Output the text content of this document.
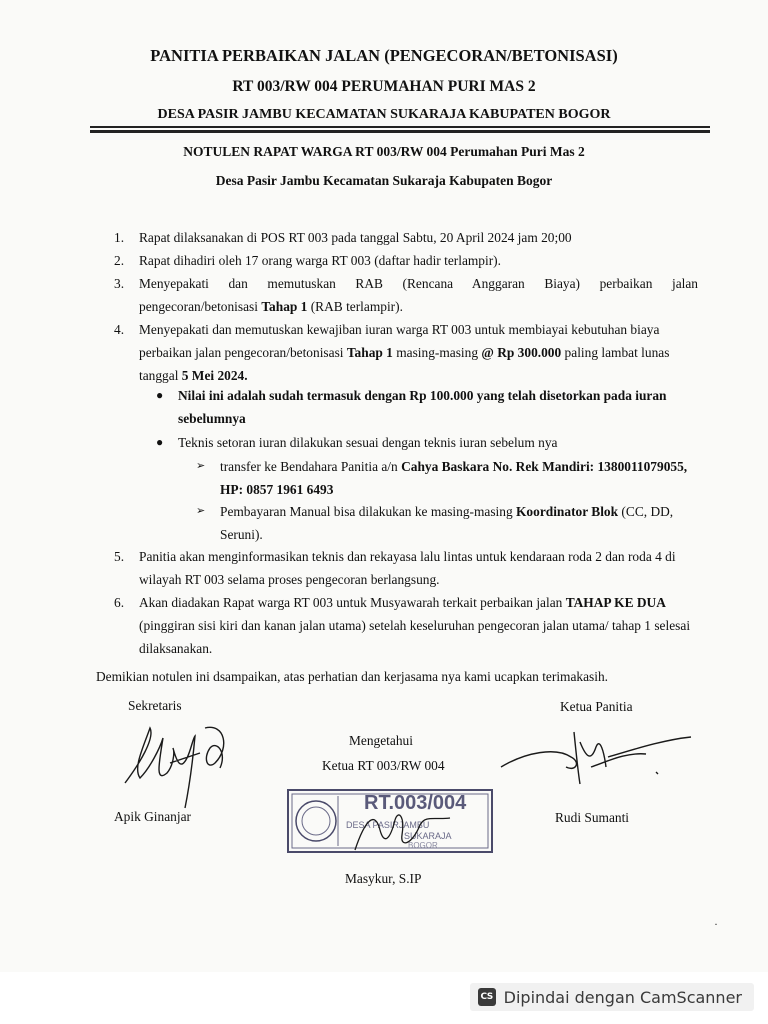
PANITIA PERBAIKAN JALAN (PENGECORAN/BETONISASI)
RT 003/RW 004 PERUMAHAN PURI MAS 2
DESA PASIR JAMBU KECAMATAN SUKARAJA KABUPATEN BOGOR
NOTULEN RAPAT WARGA RT 003/RW 004 Perumahan Puri Mas 2
Desa Pasir Jambu Kecamatan Sukaraja Kabupaten Bogor
1. Rapat dilaksanakan di POS RT 003 pada tanggal Sabtu, 20 April 2024 jam 20;00
2. Rapat dihadiri oleh 17 orang warga RT 003 (daftar hadir terlampir).
3. Menyepakati dan memutuskan RAB (Rencana Anggaran Biaya) perbaikan jalan
pengecoran/betonisasi Tahap 1 (RAB terlampir).
4. Menyepakati dan memutuskan kewajiban iuran warga RT 003 untuk membiayai kebutuhan biaya
perbaikan jalan pengecoran/betonisasi Tahap 1 masing-masing @ Rp 300.000 paling lambat lunas
tanggal 5 Mei 2024.
● Nilai ini adalah sudah termasuk dengan Rp 100.000 yang telah disetorkan pada iuran sebelumnya
● Teknis setoran iuran dilakukan sesuai dengan teknis iuran sebelum nya
➢ transfer ke Bendahara Panitia a/n Cahya Baskara No. Rek Mandiri: 1380011079055, HP: 0857 1961 6493
➢ Pembayaran Manual bisa dilakukan ke masing-masing Koordinator Blok (CC, DD, Seruni).
5. Panitia akan menginformasikan teknis dan rekayasa lalu lintas untuk kendaraan roda 2 dan roda 4 di wilayah RT 003 selama proses pengecoran berlangsung.
6. Akan diadakan Rapat warga RT 003 untuk Musyawarah terkait perbaikan jalan TAHAP KE DUA (pinggiran sisi kiri dan kanan jalan utama) setelah keseluruhan pengecoran jalan utama/ tahap 1 selesai dilaksanakan.
Demikian notulen ini dsampaikan, atas perhatian dan kerjasama nya kami ucapkan terimakasih.
Sekretaris	Ketua Panitia
Mengetahui
Ketua RT 003/RW 004
Apik Ginanjar	Rudi Sumanti
RT.003/004
DESA PASIRJAMBU
SUKARAJA
BOGOR
Masykur, S.IP
·
CS Dipindai dengan CamScanner
